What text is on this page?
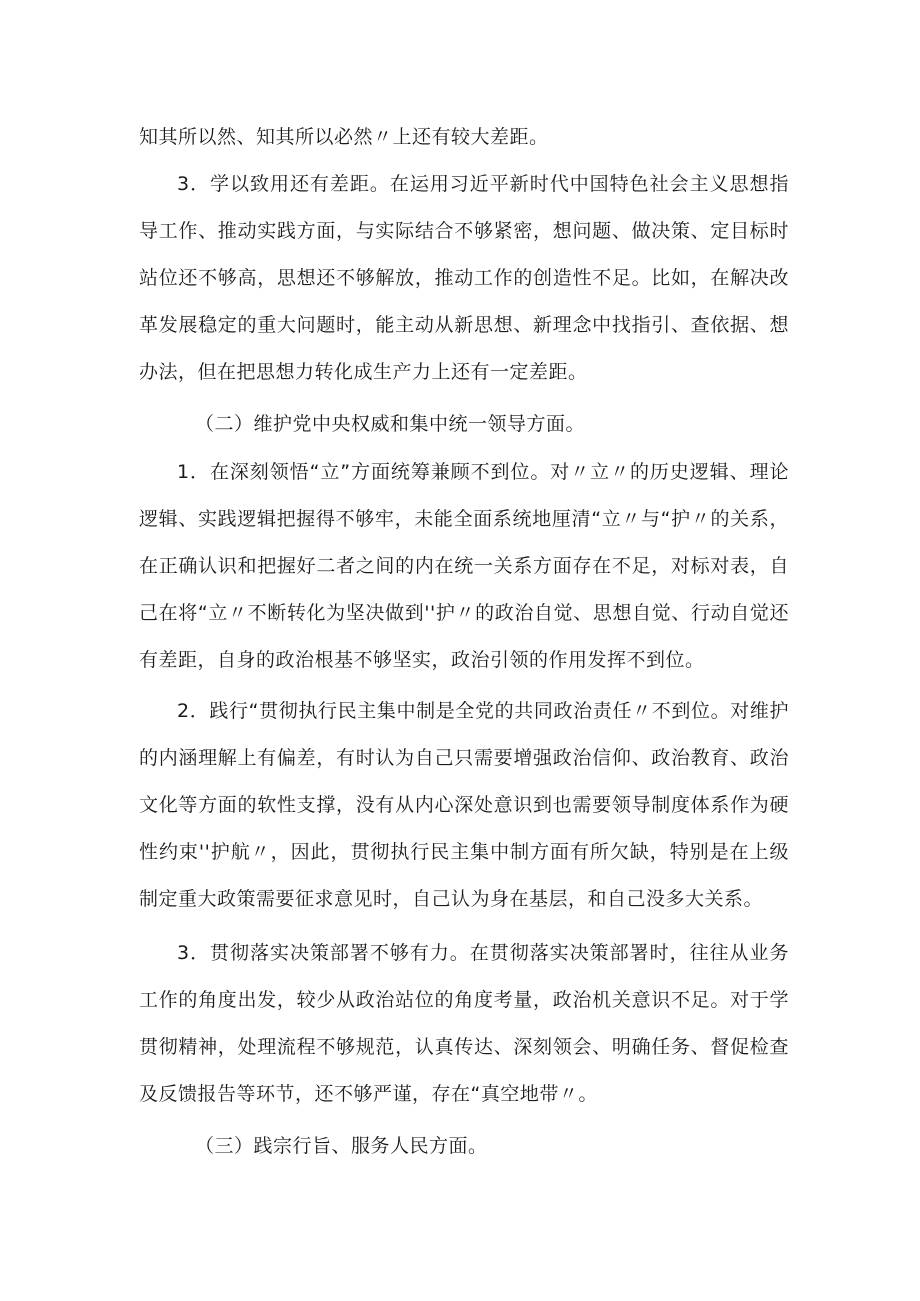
知其所以然、知其所以必然〃上还有较大差距。

3．学以致用还有差距。在运用习近平新时代中国特色社会主义思想指导工作、推动实践方面，与实际结合不够紧密，想问题、做决策、定目标时站位还不够高，思想还不够解放，推动工作的创造性不足。比如，在解决改革发展稳定的重大问题时，能主动从新思想、新理念中找指引、查依据、想办法，但在把思想力转化成生产力上还有一定差距。

（二）维护党中央权威和集中统一领导方面。

1．在深刻领悟“立”方面统筹兼顾不到位。对〃立〃的历史逻辑、理论逻辑、实践逻辑把握得不够牢，未能全面系统地厘清“立〃与“护〃的关系，在正确认识和把握好二者之间的内在统一关系方面存在不足，对标对表，自己在将“立〃不断转化为坚决做到''护〃的政治自觉、思想自觉、行动自觉还有差距，自身的政治根基不够坚实，政治引领的作用发挥不到位。

2．践行“贯彻执行民主集中制是全党的共同政治责任〃不到位。对维护的内涵理解上有偏差，有时认为自己只需要增强政治信仰、政治教育、政治文化等方面的软性支撑，没有从内心深处意识到也需要领导制度体系作为硬性约束''护航〃，因此，贯彻执行民主集中制方面有所欠缺，特别是在上级制定重大政策需要征求意见时，自己认为身在基层，和自己没多大关系。

3．贯彻落实决策部署不够有力。在贯彻落实决策部署时，往往从业务工作的角度出发，较少从政治站位的角度考量，政治机关意识不足。对于学贯彻精神，处理流程不够规范，认真传达、深刻领会、明确任务、督促检查及反馈报告等环节，还不够严谨，存在“真空地带〃。

（三）践宗行旨、服务人民方面。
